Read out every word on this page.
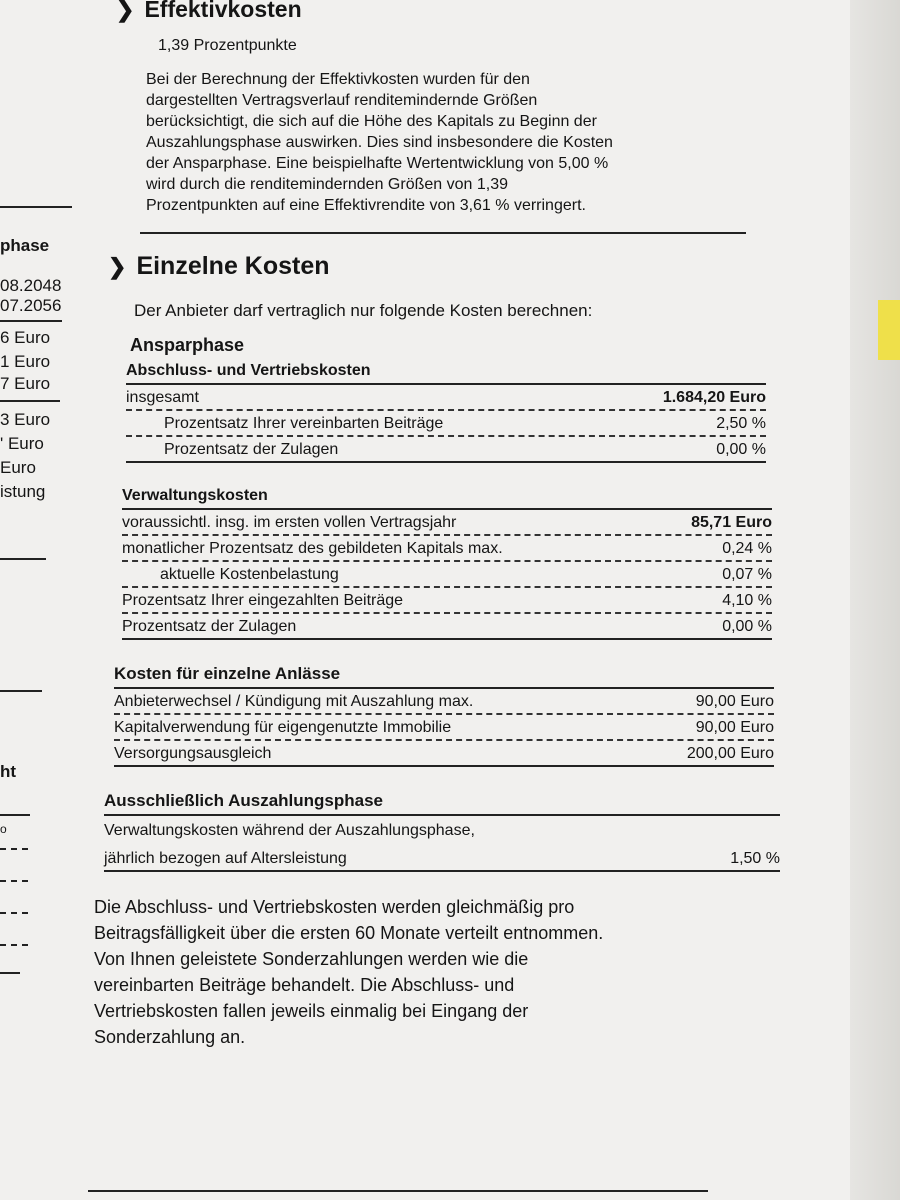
phase
08.2048
07.2056
6 Euro
1 Euro
7 Euro
3 Euro
' Euro
Euro
istung
ht
o
❯ Effektivkosten
1,39 Prozentpunkte
Bei der Berechnung der Effektivkosten wurden für den
dargestellten Vertragsverlauf renditemindernde Größen
berücksichtigt, die sich auf die Höhe des Kapitals zu Beginn der
Auszahlungsphase auswirken. Dies sind insbesondere die Kosten
der Ansparphase. Eine beispielhafte Wertentwicklung von 5,00 %
wird durch die renditemindernden Größen von 1,39
Prozentpunkten auf eine Effektivrendite von 3,61 % verringert.
❯ Einzelne Kosten
Der Anbieter darf vertraglich nur folgende Kosten berechnen:
Ansparphase
Abschluss- und Vertriebskosten
insgesamt	1.684,20 Euro
Prozentsatz Ihrer vereinbarten Beiträge	2,50 %
Prozentsatz der Zulagen	0,00 %
Verwaltungskosten
voraussichtl. insg. im ersten vollen Vertragsjahr	85,71 Euro
monatlicher Prozentsatz des gebildeten Kapitals max.	0,24 %
aktuelle Kostenbelastung	0,07 %
Prozentsatz Ihrer eingezahlten Beiträge	4,10 %
Prozentsatz der Zulagen	0,00 %
Kosten für einzelne Anlässe
Anbieterwechsel / Kündigung mit Auszahlung max.	90,00 Euro
Kapitalverwendung für eigengenutzte Immobilie	90,00 Euro
Versorgungsausgleich	200,00 Euro
Ausschließlich Auszahlungsphase
Verwaltungskosten während der Auszahlungsphase,
jährlich bezogen auf Altersleistung	1,50 %
Die Abschluss- und Vertriebskosten werden gleichmäßig pro
Beitragsfälligkeit über die ersten 60 Monate verteilt entnommen.
Von Ihnen geleistete Sonderzahlungen werden wie die
vereinbarten Beiträge behandelt. Die Abschluss- und
Vertriebskosten fallen jeweils einmalig bei Eingang der
Sonderzahlung an.
